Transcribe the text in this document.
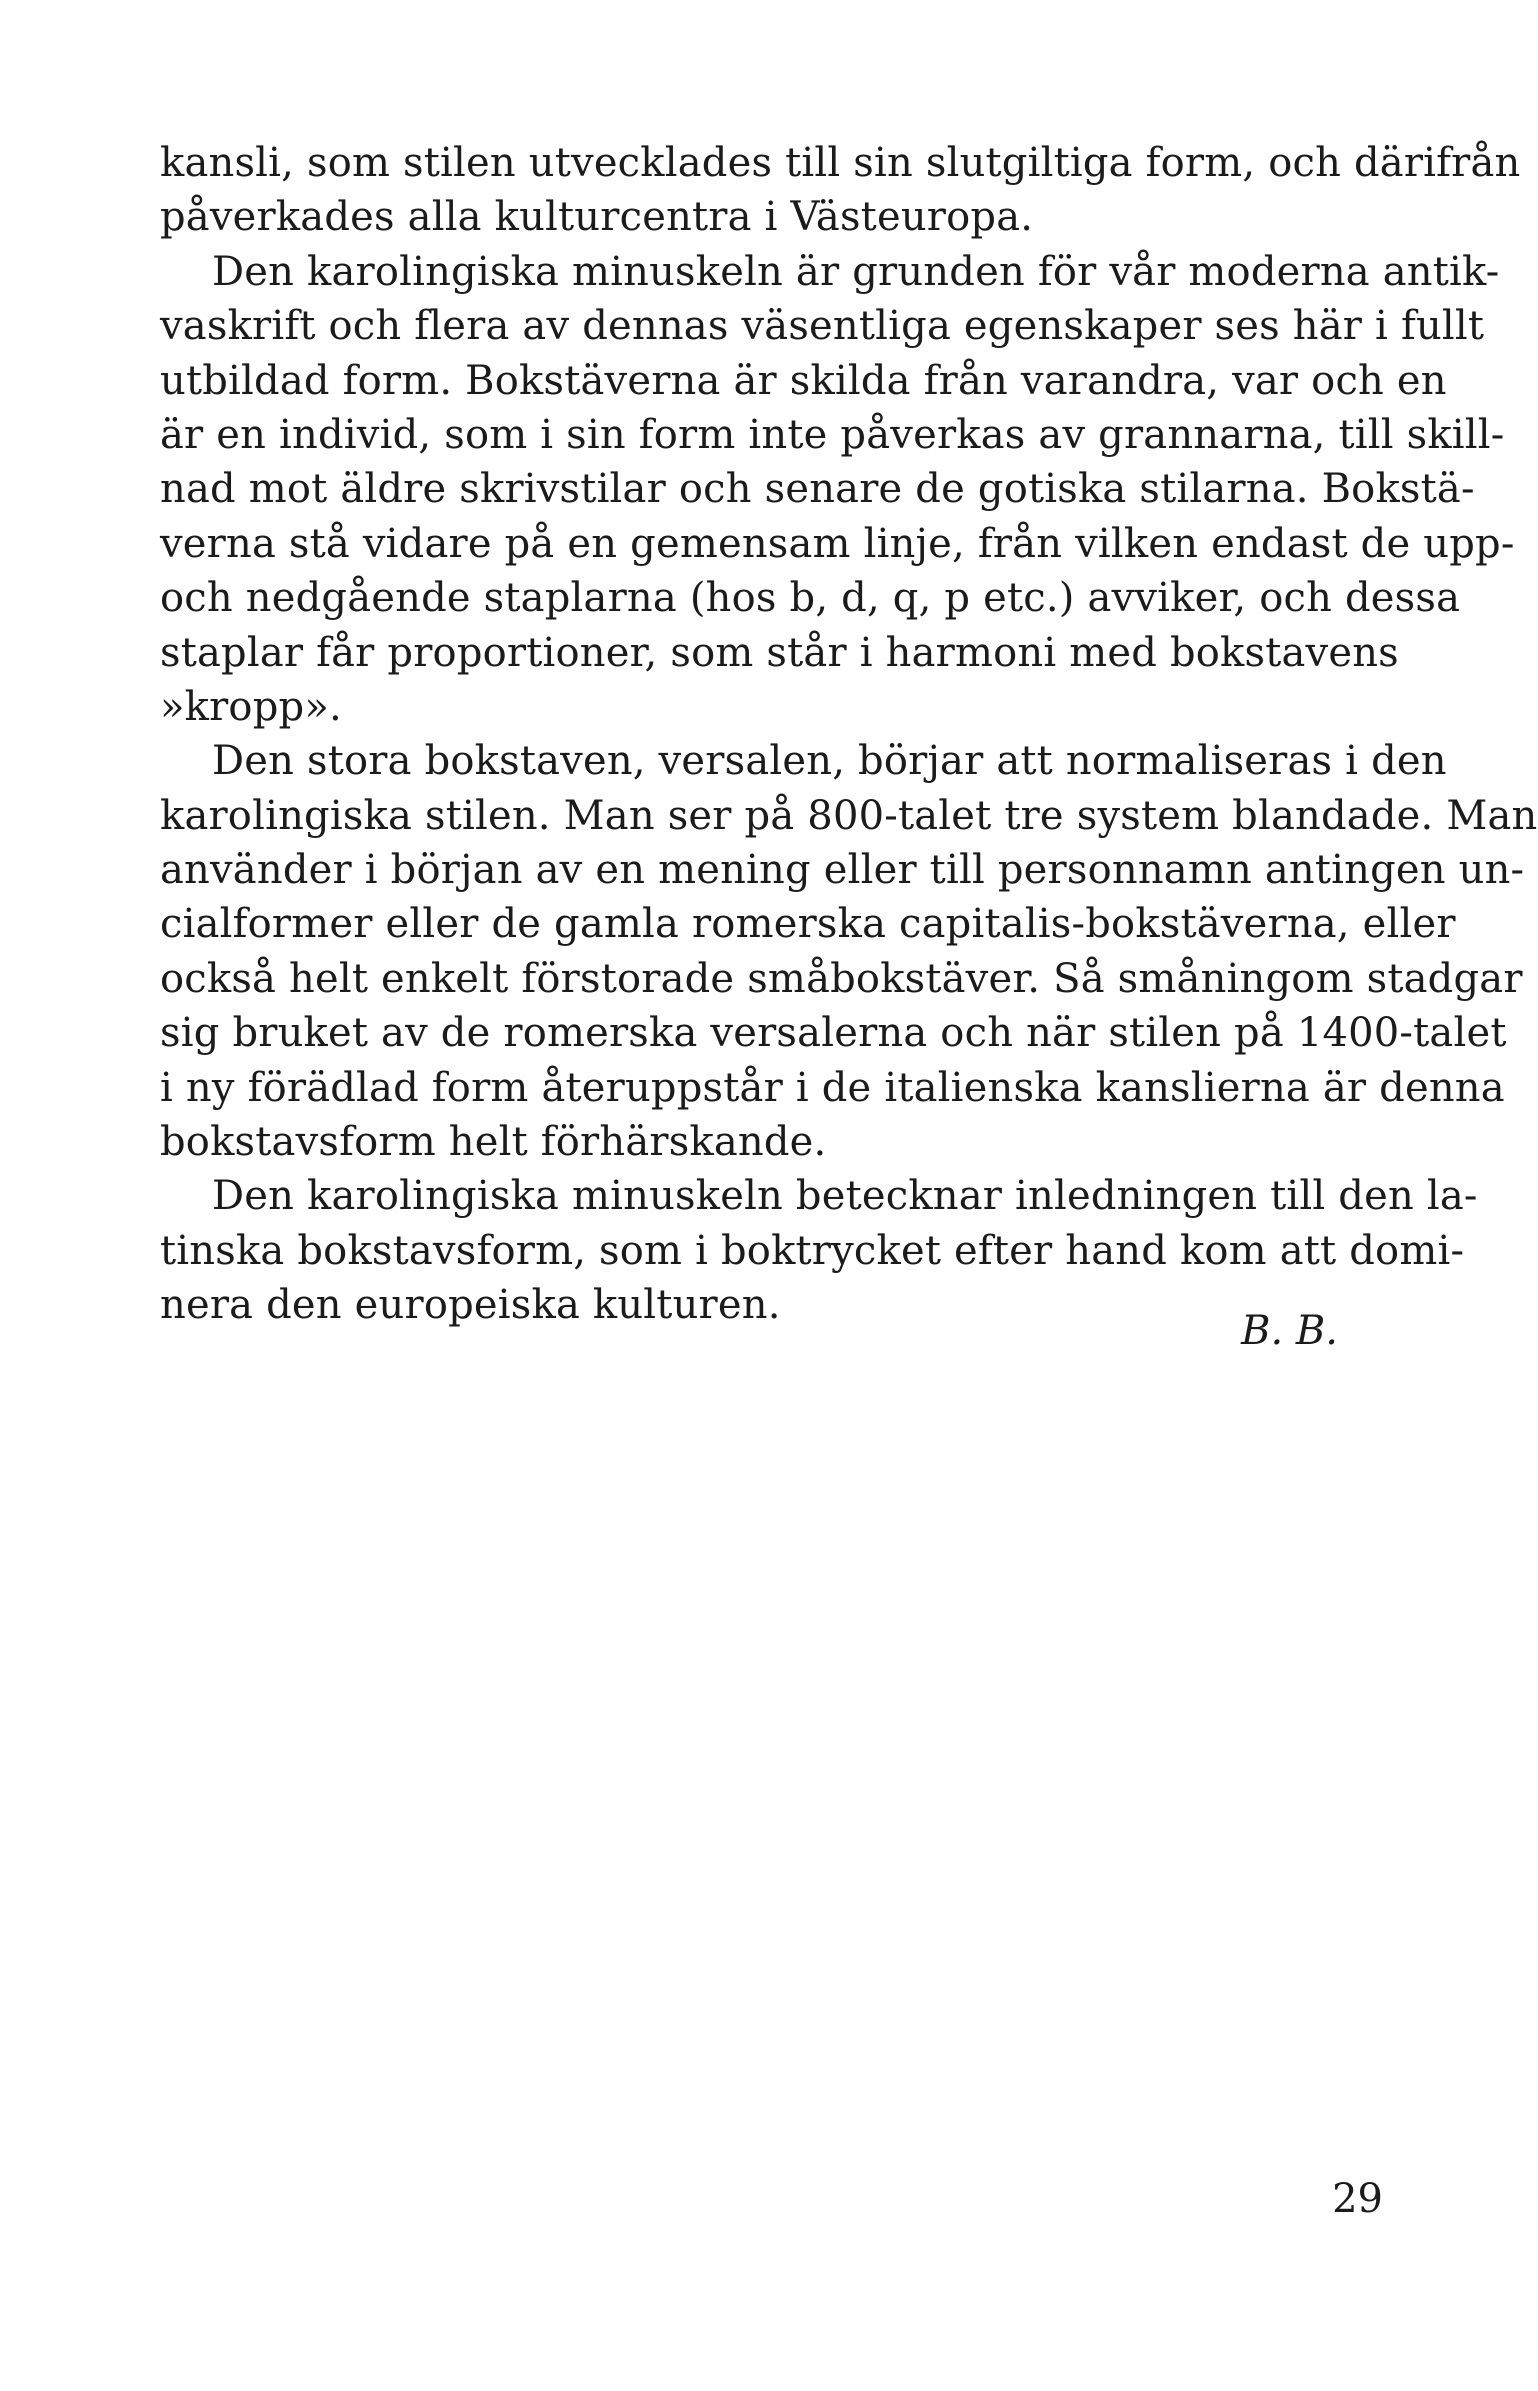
kansli, som stilen utvecklades till sin slutgiltiga form, och därifrån
påverkades alla kulturcentra i Västeuropa.
Den karolingiska minuskeln är grunden för vår moderna antik-
vaskrift och flera av dennas väsentliga egenskaper ses här i fullt
utbildad form. Bokstäverna är skilda från varandra, var och en
är en individ, som i sin form inte påverkas av grannarna, till skill-
nad mot äldre skrivstilar och senare de gotiska stilarna. Bokstä-
verna stå vidare på en gemensam linje, från vilken endast de upp-
och nedgående staplarna (hos b, d, q, p etc.) avviker, och dessa
staplar får proportioner, som står i harmoni med bokstavens
»kropp».
Den stora bokstaven, versalen, börjar att normaliseras i den
karolingiska stilen. Man ser på 800-talet tre system blandade. Man
använder i början av en mening eller till personnamn antingen un-
cialformer eller de gamla romerska capitalis-bokstäverna, eller
också helt enkelt förstorade småbokstäver. Så småningom stadgar
sig bruket av de romerska versalerna och när stilen på 1400-talet
i ny förädlad form återuppstår i de italienska kanslierna är denna
bokstavsform helt förhärskande.
Den karolingiska minuskeln betecknar inledningen till den la-
tinska bokstavsform, som i boktrycket efter hand kom att domi-
nera den europeiska kulturen.
B. B.
29
